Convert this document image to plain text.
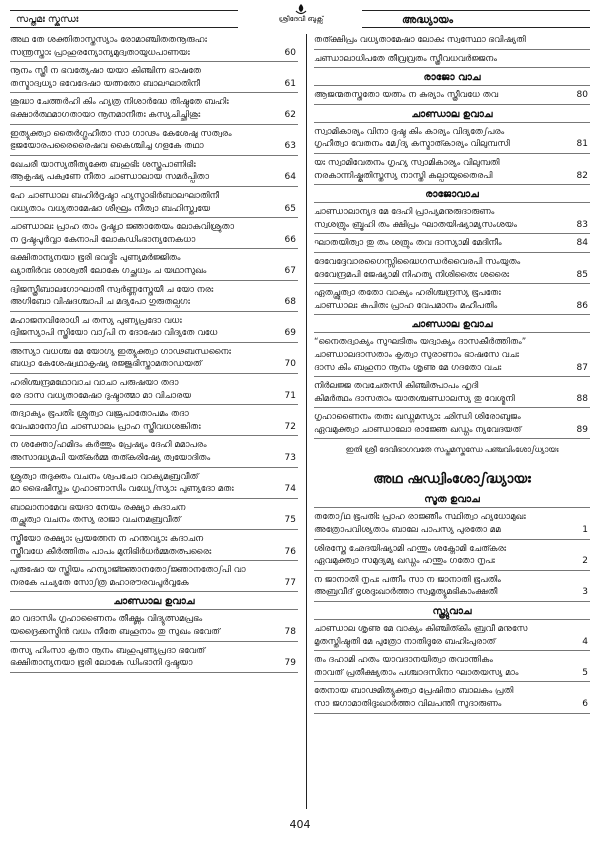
സപ്തമഃ സ്കന്ധഃ	ശ്രീദേവീ ബുക്സ്	അദ്ധ്യായം
അഥ തേ ശക്തിതാസ്തസ്യാം രോമാഞ്ചിതതനൂരുഹഃ
സന്ത്രസ്താഃ പ്രാഹുരന്യോന്യമുദ്വതായുധപാണയഃ	60
നൂനം സ്ത്രീ ന ഭവത്യേഷാ യയാ കിഞ്ചിന്ന ഭാഷതേ
തസ്മാദ്വധ്യാ ഭവേദേഷാ യത്നതോ ബാലഘാതിനീ	61
ശുദ്ധാ ചേത്തർഹി കിം ഹ്യത്ര നിശാർദ്ധേ തിഷ്ഠതേ ബഹിഃ
ഭക്ഷാർത്ഥമാഗതായാ നൂനമാനീതഃ കസ്യചിച്ഛിശുഃ	62
ഇത്യുക്ത്വാ തൈർഗ്ഗൃഹീതാ സാ ഗാഢം കേശേഷു സത്വരം
ഭുജയോരപരൈരൈഷവ കൈശ്ചിച്ച ഗളകേ തഥാ	63
ഖേചരീ യാസ്യതീത്യുക്തേ ബഹുഭിഃ ശസ്ത്രപാണിഭിഃ
ആകൃഷ്യ പക്വണേ നീതാ ചാണ്ഡാലായ സമർപ്പിതാ	64
ഹേ ചാണ്ഡാല ബഹിർദൃഷ്ടാ ഹ്യസ്മാഭിർബാലഘാതിനീ
വധ്യതാം വധ്യതാമേഷാ ശീഘ്രം നീത്വാ ബഹിസ്ത്വയേ	65
ചാണ്ഡാലഃ പ്രാഹ താം ദൃഷ്ട്വാ ജ്ഞാതേയം ലോകവിശ്രുതാ
ന ദൃഷ്ടപൂർവ്വാ കേനാപി ലോകഡിംഭാന്യനേകധാ	66
ഭക്ഷിതാന്യനയാ ഭൂരി ഭവദ്ഭിഃ പുണ്യമർജ്ജിതം
ഖ്യാതിർവഃ ശാശ്വതീ ലോകേ ഗച്ഛധ്വം ച യഥാസുഖം	67
ദ്വിജസ്ത്രീബാലഗോഘാതീ സ്വർണ്ണസ്തേയീ ച യോ നരഃ
അഗിബോ വിഷദശ്ചാപി ച മദ്യപോ ഗുരുതല്പഗഃ	68
മഹാജനവിരോധീ ച തസ്യ പുണ്യപ്രദോ വധഃ
ദ്വിജസ്യാപി സ്ത്രിയോ വാഽപി ന ദോഷോ വിദ്യതേ വധേ	69
അസ്യാ വധശ്ച മേ യോഗ്യ ഇത്യുക്ത്വാ ഗാഢബന്ധനൈഃ
ബധ്വാ കേശേഷ്വഥാകൃഷ്യ രജ്ജുഭിസ്താമതാഡയത്	70
ഹരിശ്ചന്ദ്രമഥോവാച വാചാ പരുഷയാ തദാ
രേ ദാസ വധ്യതാമേഷാ ദുഷ്ടാത്മാ മാ വിചാരയ	71
തദ്വാക്യം ഭൂപതിഃ ശ്രുത്വാ വജ്രപാതോപമം തദാ
വേപമാനോഽഥ ചാണ്ഡാലം പ്രാഹ സ്ത്രീവധശങ്കിതഃ	72
ന ശക്തോഽഹമിദം കർത്തും പ്രേഷ്യം ദേഹി മമാപരം
അസാദ്ധ്യമപി യത്കർമ്മ തത്കരിഷ്യേ ത്വയോദിതം	73
ശ്രുത്വാ തദുക്തം വചനം ശ്വപചോ വാക്യമബ്രവീത്
മാ ഭൈഷീസ്ത്വം ഗൃഹാണാസിം വധ്യേഽസ്യാഃ പുണ്യദോ മതഃ	74
ബാലാനാമേവ ഭയദാ നേയം രക്ഷ്യാ കദാചന
തച്ഛ്രുത്വാ വചനം തസ്യ രാജാ വചനമബ്രവീത്	75
സ്ത്രീയോ രക്ഷ്യാഃ പ്രയത്നേന ന ഹന്തവ്യാഃ കദാചന
സ്ത്രീവധേ കീർത്തിതം പാപം മുനിഭിർധർമ്മതത്പരൈഃ	76
പുരുഷോ യ സ്ത്രിയം ഹന്യാജ്ജ്ഞാനതോഽജ്ഞാനതോഽപി വാ
നരകേ പച്യതേ സോഽത്ര മഹാരൗരവപൂർവ്വകേ	77
ചാണ്ഡാല ഉവാച
മാ വദാസിം ഗൃഹാണൈനം തീക്ഷ്ണം വിദ്യുത്സമപ്രഭം
യദ്രൈക്കസ്മിൻ വധം നീതേ ബഹൂനാം തു സുഖം ഭവേത്	78
തസ്യ ഹിംസാ കൃതാ നൂനം ബഹുപുണ്യപ്രദാ ഭവേത്
ഭക്ഷിതാന്യനയാ ഭൂരി ലോകേ ഡിംഭാനി ദുഷ്ടയാ	79
തത്ക്ഷിപ്രം വധ്യതാമേഷാ ലോകഃ സ്വസ്ഥോ ഭവിഷ്യതി
ചണ്ഡാലാധിപതേ തീവ്രവ്രതം സ്ത്രീവധവർജ്ജനം
രാജോ വാച
ആജന്മതസ്തതോ യത്നം ന കുര്യാം സ്ത്രീവധേ തവ	80
ചാണ്ഡാല ഉവാച
സ്വാമികാര്യം വിനാ ദുഷ്ട കിം കാര്യം വിദ്യതേഽപരം
ഗൃഹീത്വാ വേതനം മേഽദ്യ കസ്മാത്കാര്യം വിലുമ്പസി	81
യഃ സ്വാമിവേതനം ഗൃഹ്യ സ്വാമികാര്യം വിലുമ്പതി
നരകാന്നിഷ്കൃതിസ്തസ്യ നാസ്തി കല്പായുതൈരപി	82
രാജോവാച
ചാണ്ഡാലാന്യദ മേ ദേഹി പ്രാപ്യമനുരുദാരുണം
സ്വശത്രും ബ്രൂഹി തം ക്ഷിപ്രം ഘാതയിഷ്യാമ്യസംശയം	83
ഘാതയിത്വാ തു തം ശത്രും തവ ദാസ്യാമി മേദിനീം	84
ദേവേദ്ദേവാരഗൈസ്സിദ്ധൈഗന്ധർവൈരപി സംയുതം
ദേവേന്ദ്രമപി ജേഷ്യാമി നിഹത്യ നിശിതൈഃ ശരൈഃ	85
ഏതച്ഛ്രുത്വാ തതോ വാക്യം ഹരിശ്ചന്ദ്രസ്യ ഭൂപതേഃ
ചാണ്ഡാലഃ കുപിതഃ പ്രാഹ വേപമാനം മഹീപതിം	86
ചാണ്ഡാല ഉവാച
“നൈതദ്വാക്യം സുഘടിതം യദ്വാക്യം ദാസകീർത്തിതം”
ചാണ്ഡാലദാസതാം കൃത്വാ സുരാണാം ഭാഷസേ വചഃ
ദാസ കിം ബഹുനാ നൂനം ശൃണു മേ ഗദതോ വചഃ	87
നിർലജ്ജ തവചേതസി കിഞ്ചിത്പാപം ഹൃദി
കിമർത്ഥം ദാസതാം യാതശ്ചണ്ഡാലസ്യ തു വേശ്മനി	88
ഗൃഹാണൈനം തതഃ ഖഡ്ഗമസ്യാഃ ഛിന്ധി ശിരോബുജം
ഏവമുക്ത്വാ ചാണ്ഡാലോ രാജ്ഞേ ഖഡ്ഗം ന്യവേദയത്	89
ഇതി ശ്രീ ദേവീഭാഗവതേ സപ്തമസ്കന്ധേ പഞ്ചവിംശോഽധ്യായഃ
അഥ ഷഡ്വിംശോഽദ്ധ്യായഃ
സൂത ഉവാച
തതോഽഥ ഭൂപതിഃ പ്രാഹ രാജ്ഞീം സ്ഥിത്വാ ഹ്യധോമുഖഃ
അത്രോപവിശ്യതാം ബാലേ പാപസ്യ പുരതോ മമ	1
ശിരസ്തേ ഛേദയിഷ്യാമി ഹന്തും ശക്നോമി ചേത്കരഃ
ഏവമുക്ത്വാ സമുദ്യമ്യ ഖഡ്ഗം ഹന്തും ഗതോ നൃപഃ	2
ന ജാനാതി നൃപഃ പത്നീം സാ ന ജാനാതി ഭൂപതിം
അബ്രവീദ് ഭൃശദുഃഖാർത്താ സ്വമൃത്യുമഭികാംക്ഷതീ	3
സ്ത്ര്യുവാച
ചാണ്ഡാല ശൃണു മേ വാക്യം കിഞ്ചിത്കിം ബ്രവീ മനുസേ
മൃതസ്തിഷ്ഠതി മേ പുത്രോ നാതിദൂരേ ബഹിഃപുരാത്	4
തം ദഹാമി ഹതം യാവദാനയിത്വാ തവാന്തികം
താവത് പ്രതീക്ഷ്യതാം പശ്ചാദസിനാ ഘാതയസ്യ മാം	5
തേനായ ബാഢമിത്യുക്ത്വാ പ്രേഷിതാ ബാലകം പ്രതി
സാ ജഗാമാതിദുഃഖാർത്താ വിലപന്തീ സുദാരുണം	6
404
